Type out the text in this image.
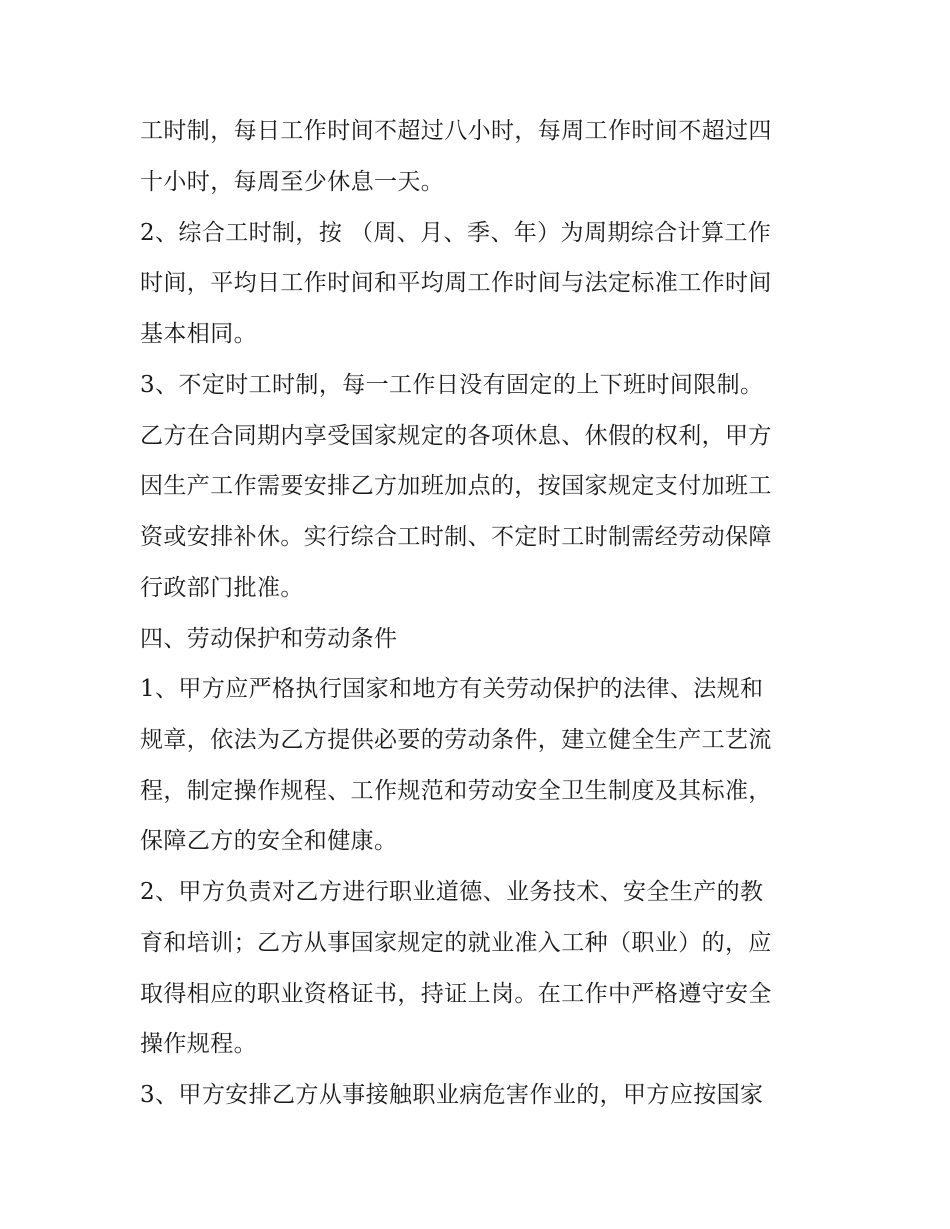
工时制，每日工作时间不超过八小时，每周工作时间不超过四
十小时，每周至少休息一天。
2、综合工时制，按 （周、月、季、年）为周期综合计算工作
时间，平均日工作时间和平均周工作时间与法定标准工作时间
基本相同。
3、不定时工时制，每一工作日没有固定的上下班时间限制。
乙方在合同期内享受国家规定的各项休息、休假的权利，甲方
因生产工作需要安排乙方加班加点的，按国家规定支付加班工
资或安排补休。实行综合工时制、不定时工时制需经劳动保障
行政部门批准。
四、劳动保护和劳动条件
1、甲方应严格执行国家和地方有关劳动保护的法律、法规和
规章，依法为乙方提供必要的劳动条件，建立健全生产工艺流
程，制定操作规程、工作规范和劳动安全卫生制度及其标准，
保障乙方的安全和健康。
2、甲方负责对乙方进行职业道德、业务技术、安全生产的教
育和培训；乙方从事国家规定的就业准入工种（职业）的，应
取得相应的职业资格证书，持证上岗。在工作中严格遵守安全
操作规程。
3、甲方安排乙方从事接触职业病危害作业的，甲方应按国家
